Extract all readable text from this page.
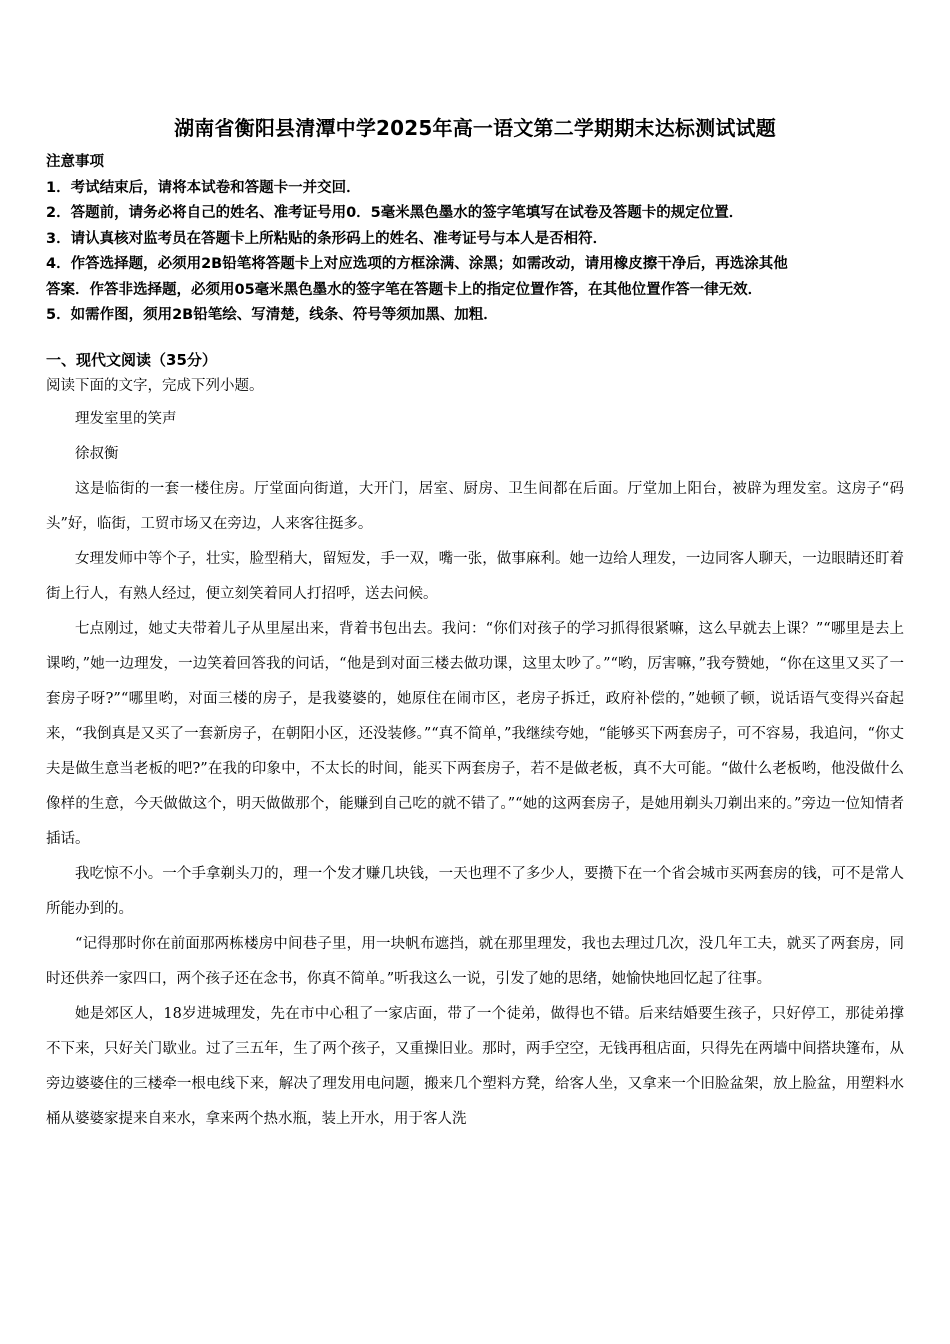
湖南省衡阳县清潭中学2025年高一语文第二学期期末达标测试试题
注意事项
1．考试结束后，请将本试卷和答题卡一并交回．
2．答题前，请务必将自己的姓名、准考证号用0．5毫米黑色墨水的签字笔填写在试卷及答题卡的规定位置．
3．请认真核对监考员在答题卡上所粘贴的条形码上的姓名、准考证号与本人是否相符．
4．作答选择题，必须用2B铅笔将答题卡上对应选项的方框涂满、涂黑；如需改动，请用橡皮擦干净后，再选涂其他
答案．作答非选择题，必须用05毫米黑色墨水的签字笔在答题卡上的指定位置作答，在其他位置作答一律无效．
5．如需作图，须用2B铅笔绘、写清楚，线条、符号等须加黑、加粗．
一、现代文阅读（35分）
阅读下面的文字，完成下列小题。

理发室里的笑声

徐叔衡

这是临街的一套一楼住房。厅堂面向街道，大开门，居室、厨房、卫生间都在后面。厅堂加上阳台，被辟为理发室。这房子“码头”好，临街，工贸市场又在旁边，人来客往挺多。

女理发师中等个子，壮实，脸型稍大，留短发，手一双，嘴一张，做事麻利。她一边给人理发，一边同客人聊天，一边眼睛还盯着街上行人，有熟人经过，便立刻笑着同人打招呼，送去问候。

七点刚过，她丈夫带着儿子从里屋出来，背着书包出去。我问：“你们对孩子的学习抓得很紧嘛，这么早就去上课？”“哪里是去上课哟，”她一边理发，一边笑着回答我的问话，“他是到对面三楼去做功课，这里太吵了。”“哟，厉害嘛，”我夸赞她，“你在这里又买了一套房子呀?”“哪里哟，对面三楼的房子，是我婆婆的，她原住在闹市区，老房子拆迁，政府补偿的，”她顿了顿，说话语气变得兴奋起来，“我倒真是又买了一套新房子，在朝阳小区，还没装修。”“真不简单，”我继续夸她，“能够买下两套房子，可不容易，我追问，“你丈夫是做生意当老板的吧?”在我的印象中，不太长的时间，能买下两套房子，若不是做老板，真不大可能。“做什么老板哟，他没做什么像样的生意，今天做做这个，明天做做那个，能赚到自己吃的就不错了。”“她的这两套房子，是她用剃头刀剃出来的。”旁边一位知情者插话。

我吃惊不小。一个手拿剃头刀的，理一个发才赚几块钱，一天也理不了多少人，要攒下在一个省会城市买两套房的钱，可不是常人所能办到的。

“记得那时你在前面那两栋楼房中间巷子里，用一块帆布遮挡，就在那里理发，我也去理过几次，没几年工夫，就买了两套房，同时还供养一家四口，两个孩子还在念书，你真不简单。”听我这么一说，引发了她的思绪，她愉快地回忆起了往事。

她是郊区人，18岁进城理发，先在市中心租了一家店面，带了一个徒弟，做得也不错。后来结婚要生孩子，只好停工，那徒弟撑不下来，只好关门歇业。过了三五年，生了两个孩子，又重操旧业。那时，两手空空，无钱再租店面，只得先在两墙中间搭块篷布，从旁边婆婆住的三楼牵一根电线下来，解决了理发用电问题，搬来几个塑料方凳，给客人坐，又拿来一个旧脸盆架，放上脸盆，用塑料水桶从婆婆家提来自来水，拿来两个热水瓶，装上开水，用于客人洗
